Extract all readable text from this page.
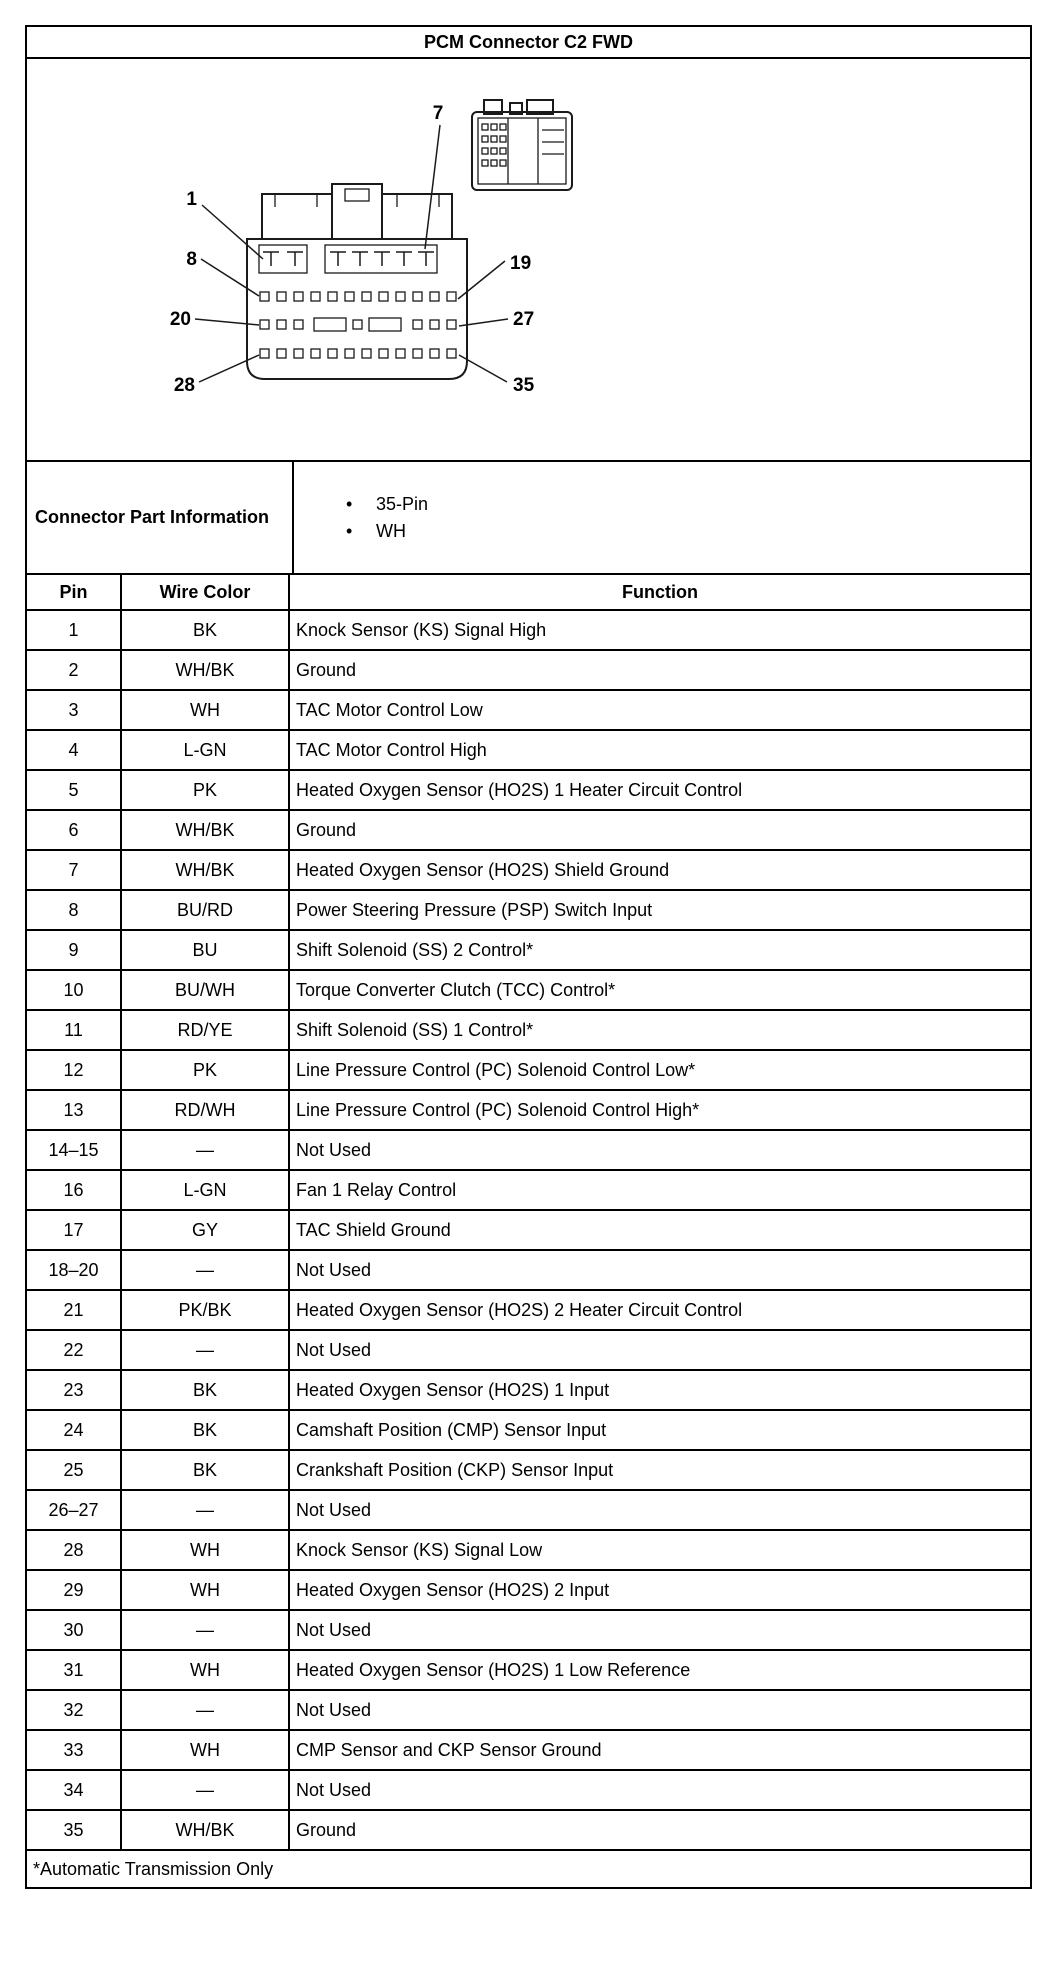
PCM Connector C2 FWD
7
1
8	19
20	27
28	35
Connector Part Information
•	35-Pin
•	WH
Pin	Wire Color	Function
1	BK	Knock Sensor (KS) Signal High
2	WH/BK	Ground
3	WH	TAC Motor Control Low
4	L-GN	TAC Motor Control High
5	PK	Heated Oxygen Sensor (HO2S) 1 Heater Circuit Control
6	WH/BK	Ground
7	WH/BK	Heated Oxygen Sensor (HO2S) Shield Ground
8	BU/RD	Power Steering Pressure (PSP) Switch Input
9	BU	Shift Solenoid (SS) 2 Control*
10	BU/WH	Torque Converter Clutch (TCC) Control*
11	RD/YE	Shift Solenoid (SS) 1 Control*
12	PK	Line Pressure Control (PC) Solenoid Control Low*
13	RD/WH	Line Pressure Control (PC) Solenoid Control High*
14–15	—	Not Used
16	L-GN	Fan 1 Relay Control
17	GY	TAC Shield Ground
18–20	—	Not Used
21	PK/BK	Heated Oxygen Sensor (HO2S) 2 Heater Circuit Control
22	—	Not Used
23	BK	Heated Oxygen Sensor (HO2S) 1 Input
24	BK	Camshaft Position (CMP) Sensor Input
25	BK	Crankshaft Position (CKP) Sensor Input
26–27	—	Not Used
28	WH	Knock Sensor (KS) Signal Low
29	WH	Heated Oxygen Sensor (HO2S) 2 Input
30	—	Not Used
31	WH	Heated Oxygen Sensor (HO2S) 1 Low Reference
32	—	Not Used
33	WH	CMP Sensor and CKP Sensor Ground
34	—	Not Used
35	WH/BK	Ground
*Automatic Transmission Only
